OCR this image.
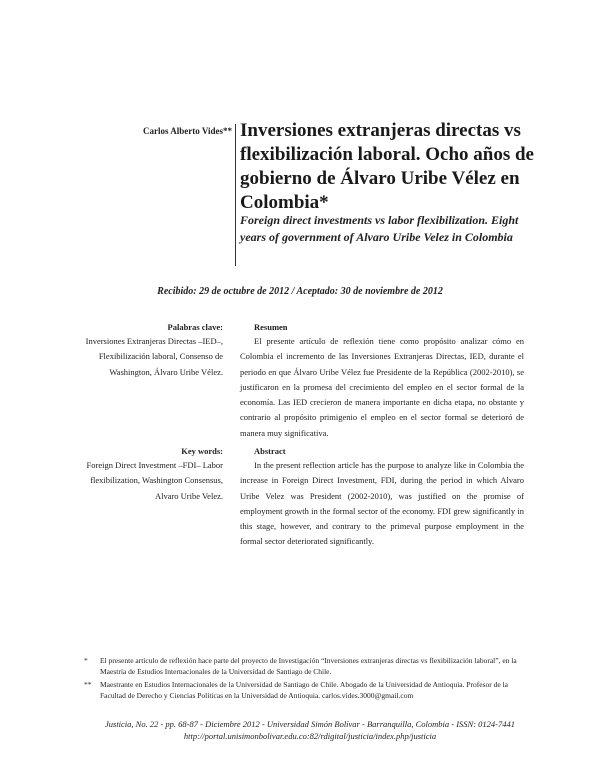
Carlos Alberto Vides** Inversiones extranjeras directas vs flexibilización laboral. Ocho años de gobierno de Álvaro Uribe Vélez en Colombia*
Foreign direct investments vs labor flexibilization. Eight years of government of Alvaro Uribe Velez in Colombia
Recibido: 29 de octubre de 2012 / Aceptado: 30 de noviembre de 2012
Palabras clave:
Inversiones Extranjeras Directas –IED–, Flexibilización laboral, Consenso de Washington, Álvaro Uribe Vélez.
Resumen

El presente artículo de reflexión tiene como propósito analizar cómo en Colombia el incremento de las Inversiones Extranjeras Directas, IED, durante el periodo en que Álvaro Uribe Vélez fue Presidente de la República (2002-2010), se justificaron en la promesa del crecimiento del empleo en el sector formal de la economía. Las IED crecieron de manera importante en dicha etapa, no obstante y contrario al propósito primigenio el empleo en el sector formal se deterioró de manera muy significativa.

Key words:
Foreign Direct Investment –FDI– Labor flexibilization, Washington Consensus, Alvaro Uribe Velez.
Abstract

In the present reflection article has the purpose to analyze like in Colombia the increase in Foreign Direct Investment, FDI, during the period in which Alvaro Uribe Velez was President (2002-2010), was justified on the promise of employment growth in the formal sector of the economy. FDI grew significantly in this stage, however, and contrary to the primeval purpose employment in the formal sector deteriorated significantly.

*	El presente artículo de reflexión hace parte del proyecto de Investigación “Inversiones extranjeras directas vs flexibilización laboral”, en la Maestría de Estudios Internacionales de la Universidad de Santiago de Chile.
**	Maestrante en Estudios Internacionales de la Universidad de Santiago de Chile. Abogado de la Universidad de Antioquia. Profesor de la Facultad de Derecho y Ciencias Políticas en la Universidad de Antioquia. carlos.vides.3000@gmail.com
Justicia, No. 22 - pp. 68-87 - Diciembre 2012 - Universidad Simón Bolívar - Barranquilla, Colombia - ISSN: 0124-7441
http://portal.unisimonbolivar.edu.co:82/rdigital/justicia/index.php/justicia
